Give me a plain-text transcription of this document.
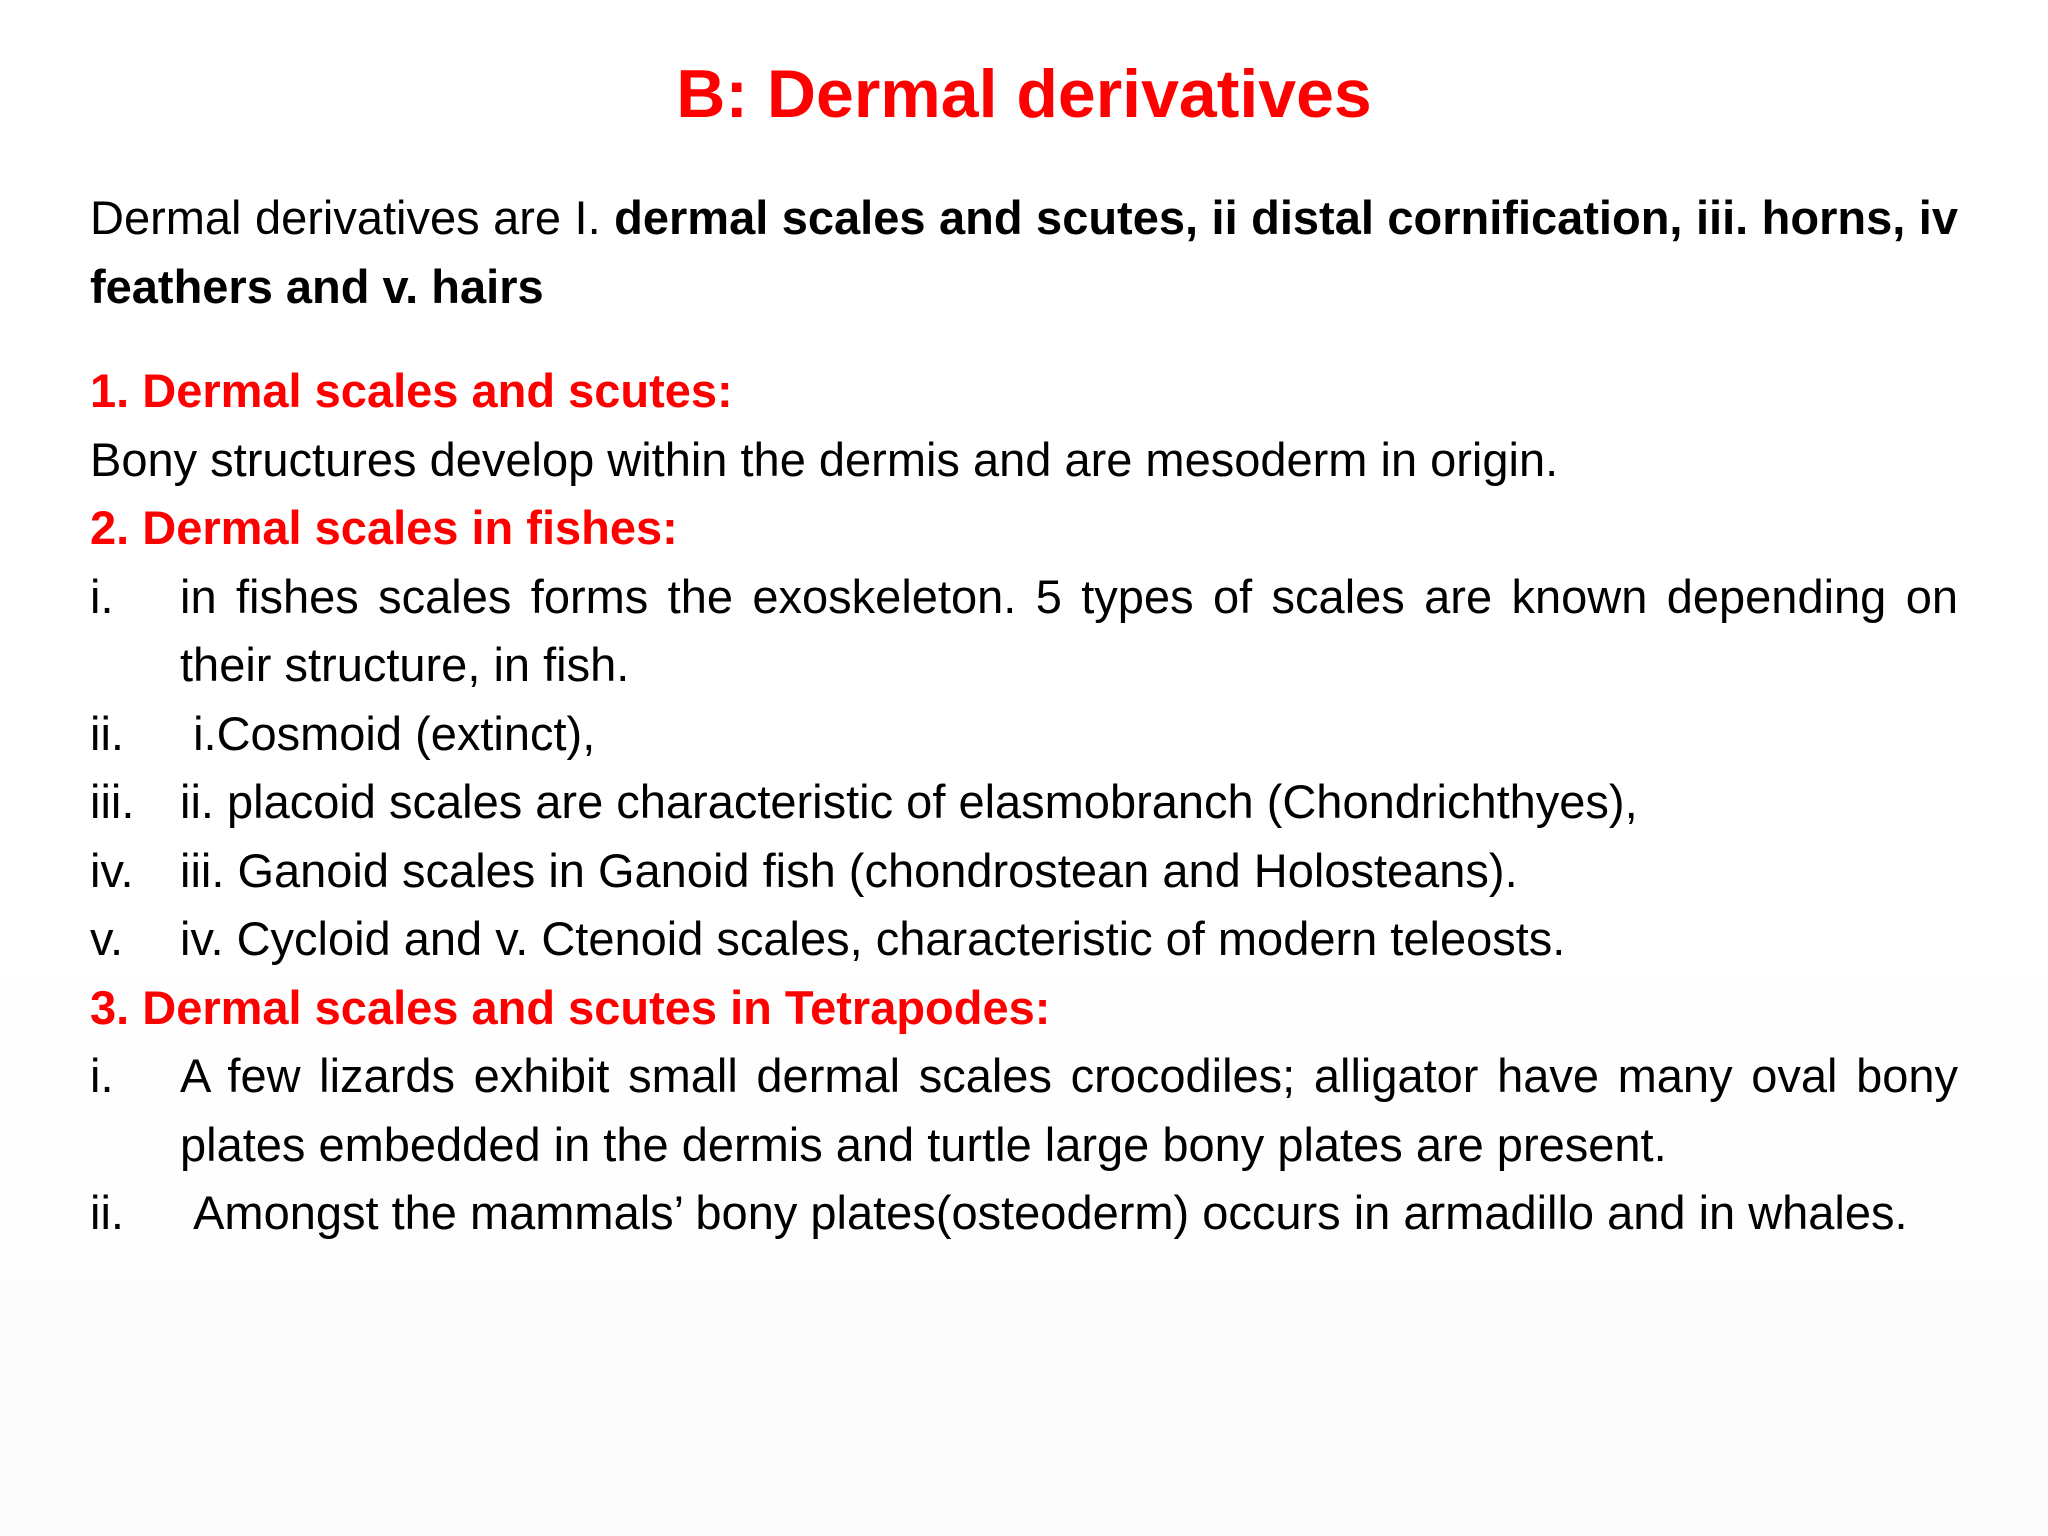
B: Dermal derivatives

Dermal derivatives are I. dermal scales and scutes, ii distal cornification, iii. horns, iv feathers and v. hairs

1. Dermal scales and scutes:

Bony structures develop within the dermis and are mesoderm in origin.

2. Dermal scales in fishes:

i.	in fishes scales forms the exoskeleton. 5 types of scales are known depending on their structure, in fish.
ii.	i.Cosmoid (extinct),
iii. ii. placoid scales are characteristic of elasmobranch (Chondrichthyes),
iv. iii. Ganoid scales in Ganoid fish (chondrostean and Holosteans).
v.	iv. Cycloid and v. Ctenoid scales, characteristic of modern teleosts.

3. Dermal scales and scutes in Tetrapodes:

i.	A few lizards exhibit small dermal scales crocodiles; alligator have many oval bony plates embedded in the dermis and turtle large bony plates are present.
ii.	Amongst the mammals’ bony plates(osteoderm) occurs in armadillo and in whales.
